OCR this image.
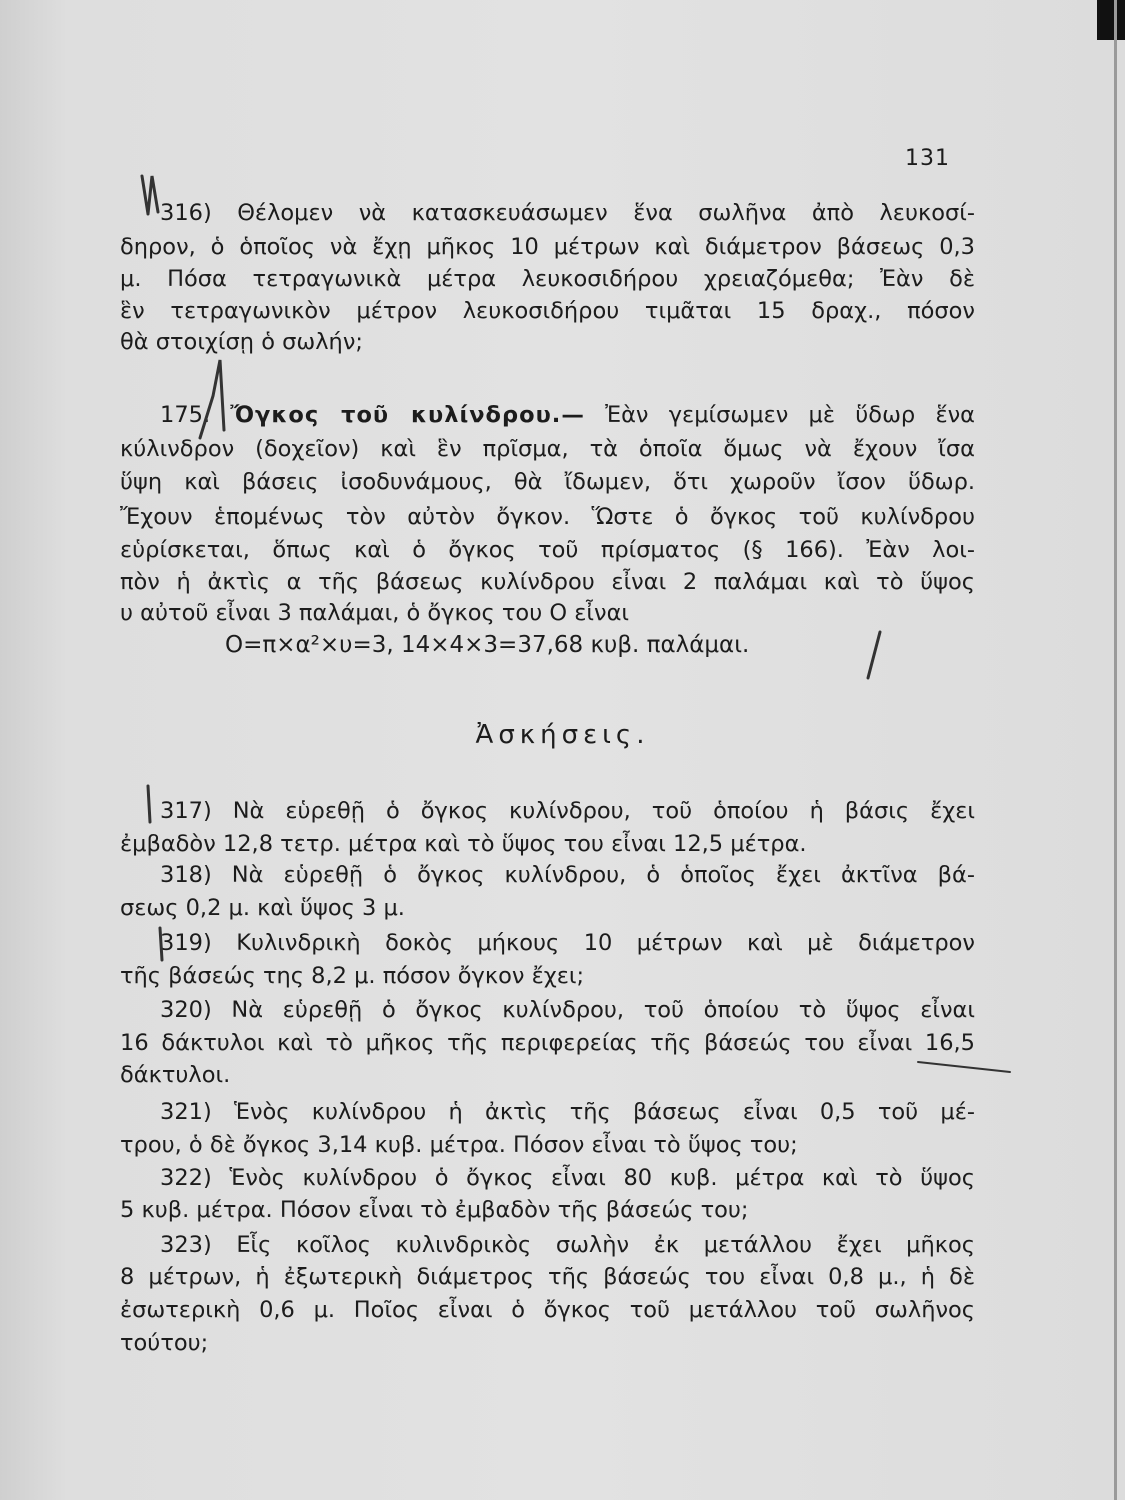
131
316) Θέλομεν νὰ κατασκευάσωμεν ἕνα σωλῆνα ἀπὸ λευκοσί-
δηρον, ὁ ὁποῖος νὰ ἔχῃ μῆκος 10 μέτρων καὶ διάμετρον βάσεως 0,3
μ. Πόσα τετραγωνικὰ μέτρα λευκοσιδήρου χρειαζόμεθα; Ἐὰν δὲ
ἓν τετραγωνικὸν μέτρον λευκοσιδήρου τιμᾶται 15 δραχ., πόσον
θὰ στοιχίσῃ ὁ σωλήν;
175. Ὄγκος τοῦ κυλίνδρου.— Ἐὰν γεμίσωμεν μὲ ὕδωρ ἕνα
κύλινδρον (δοχεῖον) καὶ ἓν πρῖσμα, τὰ ὁποῖα ὅμως νὰ ἔχουν ἴσα
ὕψη καὶ βάσεις ἰσοδυνάμους, θὰ ἴδωμεν, ὅτι χωροῦν ἴσον ὕδωρ.
Ἔχουν ἑπομένως τὸν αὐτὸν ὄγκον. Ὥστε ὁ ὄγκος τοῦ κυλίνδρου
εὑρίσκεται, ὅπως καὶ ὁ ὄγκος τοῦ πρίσματος (§ 166). Ἐὰν λοι-
πὸν ἡ ἀκτὶς α τῆς βάσεως κυλίνδρου εἶναι 2 παλάμαι καὶ τὸ ὕψος
υ αὐτοῦ εἶναι 3 παλάμαι, ὁ ὄγκος του Ο εἶναι
Ο=π×α²×υ=3, 14×4×3=37,68 κυβ. παλάμαι.
Ἀσκήσεις.
317) Νὰ εὑρεθῇ ὁ ὄγκος κυλίνδρου, τοῦ ὁποίου ἡ βάσις ἔχει
ἐμβαδὸν 12,8 τετρ. μέτρα καὶ τὸ ὕψος του εἶναι 12,5 μέτρα.
318) Νὰ εὑρεθῇ ὁ ὄγκος κυλίνδρου, ὁ ὁποῖος ἔχει ἀκτῖνα βά-
σεως 0,2 μ. καὶ ὕψος 3 μ.
319) Κυλινδρικὴ δοκὸς μήκους 10 μέτρων καὶ μὲ διάμετρον
τῆς βάσεώς της 8,2 μ. πόσον ὄγκον ἔχει;
320) Νὰ εὑρεθῇ ὁ ὄγκος κυλίνδρου, τοῦ ὁποίου τὸ ὕψος εἶναι
16 δάκτυλοι καὶ τὸ μῆκος τῆς περιφερείας τῆς βάσεώς του εἶναι 16,5
δάκτυλοι.
321) Ἑνὸς κυλίνδρου ἡ ἀκτὶς τῆς βάσεως εἶναι 0,5 τοῦ μέ-
τρου, ὁ δὲ ὄγκος 3,14 κυβ. μέτρα. Πόσον εἶναι τὸ ὕψος του;
322) Ἑνὸς κυλίνδρου ὁ ὄγκος εἶναι 80 κυβ. μέτρα καὶ τὸ ὕψος
5 κυβ. μέτρα. Πόσον εἶναι τὸ ἐμβαδὸν τῆς βάσεώς του;
323) Εἷς κοῖλος κυλινδρικὸς σωλὴν ἐκ μετάλλου ἔχει μῆκος
8 μέτρων, ἡ ἐξωτερικὴ διάμετρος τῆς βάσεώς του εἶναι 0,8 μ., ἡ δὲ
ἐσωτερικὴ 0,6 μ. Ποῖος εἶναι ὁ ὄγκος τοῦ μετάλλου τοῦ σωλῆνος
τούτου;
